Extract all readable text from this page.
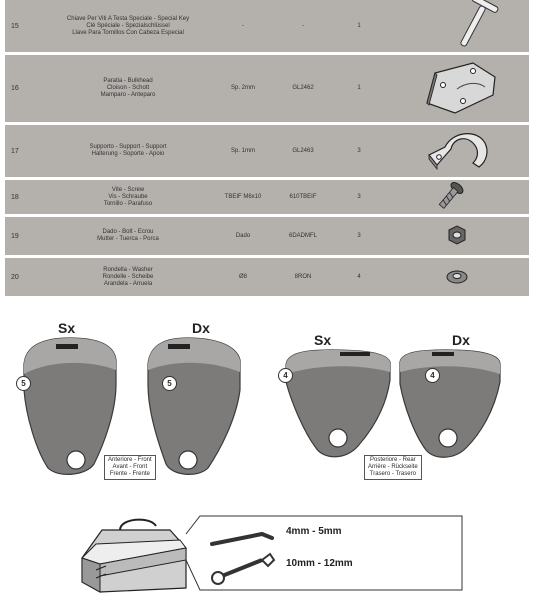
15
Chiave Per Viti A Testa Speciale - Special Key
Clé Spéciale - Spezialschlüssel
Llave Para Tornillos Con Cabeza Especial
-	-	1
16
Paratia - Bulkhead
Cloison - Schott
Mamparo - Anteparo
Sp. 2mm	GL2462	1
17
Supporto - Support - Support
Halterung - Soporte - Apoio
Sp. 1mm	GL2463	3
18
Vite - Screw
Vis - Schraube
Tornillo - Parafuso
TBEIF M6x10	610TBEIF	3
19
Dado - Bolt - Ecrou
Mutter - Tuerca - Porca
Dado	6DADMFL	3
20
Rondella - Washer
Rondelle - Scheibe
Arandela - Arruela
Ø8	8RON	4
Sx	Dx
Sx	Dx
5	5
4	4
Anteriore - Front
Avant - Front
Frente - Frente
Posteriore - Rear
Arrière - Rückseite
Trasero - Trasero
4mm - 5mm
10mm - 12mm
